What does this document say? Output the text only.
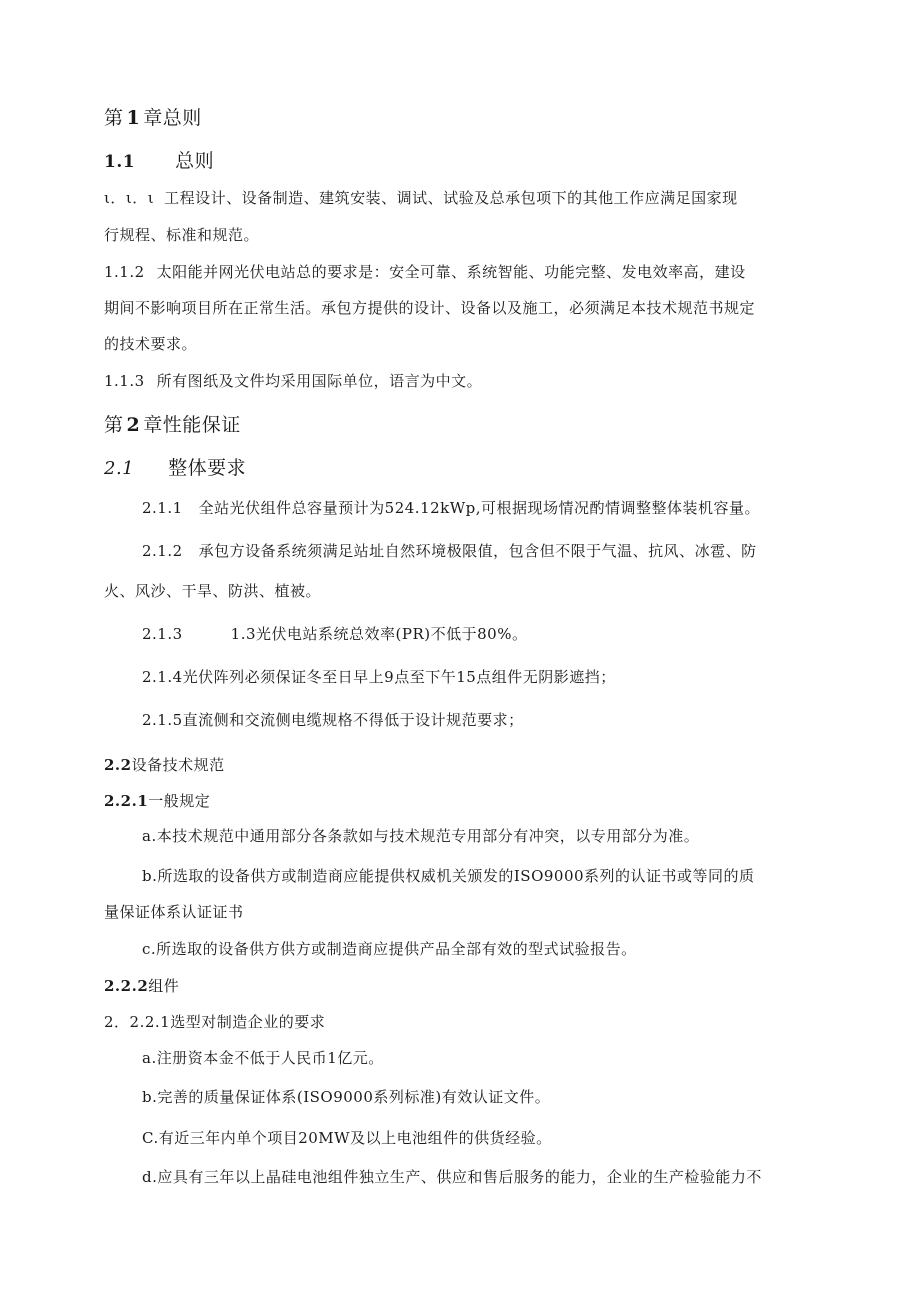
第 1 章总则
1.1 总则
ι．ι．ι 工程设计、设备制造、建筑安装、调试、试验及总承包项下的其他工作应满足国家现
行规程、标准和规范。
1.1.2 太阳能并网光伏电站总的要求是：安全可靠、系统智能、功能完整、发电效率高，建设
期间不影响项目所在正常生活。承包方提供的设计、设备以及施工，必须满足本技术规范书规定
的技术要求。
1.1.3 所有图纸及文件均采用国际单位，语言为中文。
第 2 章性能保证
2.1 整体要求
2.1.1 全站光伏组件总容量预计为524.12kWp,可根据现场情况酌情调整整体装机容量。
2.1.2 承包方设备系统须满足站址自然环境极限值，包含但不限于气温、抗风、冰雹、防
火、风沙、干旱、防洪、植被。
2.1.3	1.3光伏电站系统总效率(PR)不低于80%。
2.1.4光伏阵列必须保证冬至日早上9点至下午15点组件无阴影遮挡；
2.1.5直流侧和交流侧电缆规格不得低于设计规范要求；
2.2设备技术规范
2.2.1一般规定
a.本技术规范中通用部分各条款如与技术规范专用部分有冲突，以专用部分为准。
b.所选取的设备供方或制造商应能提供权威机关颁发的ISO9000系列的认证书或等同的质
量保证体系认证证书
c.所选取的设备供方供方或制造商应提供产品全部有效的型式试验报告。
2.2.2组件
2．2.2.1选型对制造企业的要求
a.注册资本金不低于人民币1亿元。
b.完善的质量保证体系(ISO9000系列标准)有效认证文件。
C.有近三年内单个项目20MW及以上电池组件的供货经验。
d.应具有三年以上晶硅电池组件独立生产、供应和售后服务的能力，企业的生产检验能力不
